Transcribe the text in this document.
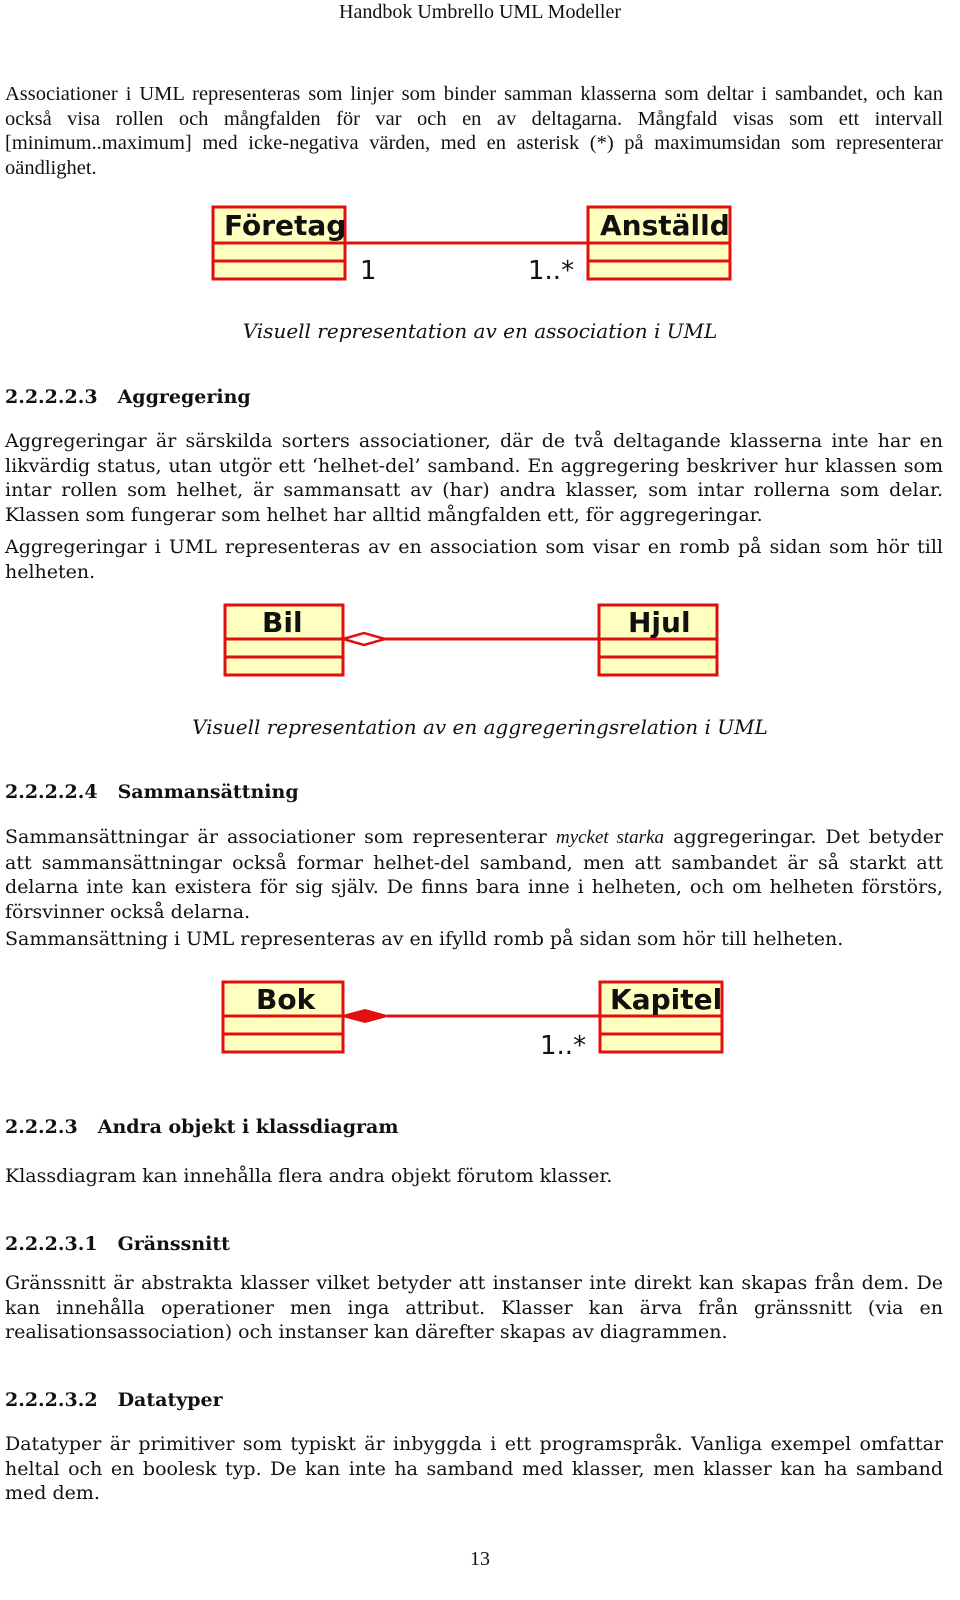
Handbok Umbrello UML Modeller

Associationer i UML representeras som linjer som binder samman klasserna som deltar i sambandet, och kan också visa rollen och mångfalden för var och en av deltagarna. Mångfald visas som ett intervall [minimum..maximum] med icke-negativa värden, med en asterisk (*) på maximumsidan som representerar oändlighet.

Företag	Anställd
1	1..*

Visuell representation av en association i UML

2.2.2.2.3 Aggregering

Aggregeringar är särskilda sorters associationer, där de två deltagande klasserna inte har en likvärdig status, utan utgör ett ‘helhet-del’ samband. En aggregering beskriver hur klassen som intar rollen som helhet, är sammansatt av (har) andra klasser, som intar rollerna som delar. Klassen som fungerar som helhet har alltid mångfalden ett, för aggregeringar.

Aggregeringar i UML representeras av en association som visar en romb på sidan som hör till helheten.

Bil	Hjul

Visuell representation av en aggregeringsrelation i UML

2.2.2.2.4 Sammansättning

Sammansättningar är associationer som representerar mycket starka aggregeringar. Det betyder att sammansättningar också formar helhet-del samband, men att sambandet är så starkt att delarna inte kan existera för sig själv. De finns bara inne i helheten, och om helheten förstörs, försvinner också delarna.

Sammansättning i UML representeras av en ifylld romb på sidan som hör till helheten.

Bok	Kapitel
1..*
2.2.2.3 Andra objekt i klassdiagram

Klassdiagram kan innehålla flera andra objekt förutom klasser.

2.2.2.3.1 Gränssnitt

Gränssnitt är abstrakta klasser vilket betyder att instanser inte direkt kan skapas från dem. De kan innehålla operationer men inga attribut. Klasser kan ärva från gränssnitt (via en realisationsassociation) och instanser kan därefter skapas av diagrammen.

2.2.2.3.2 Datatyper

Datatyper är primitiver som typiskt är inbyggda i ett programspråk. Vanliga exempel omfattar heltal och en boolesk typ. De kan inte ha samband med klasser, men klasser kan ha samband med dem.

13
